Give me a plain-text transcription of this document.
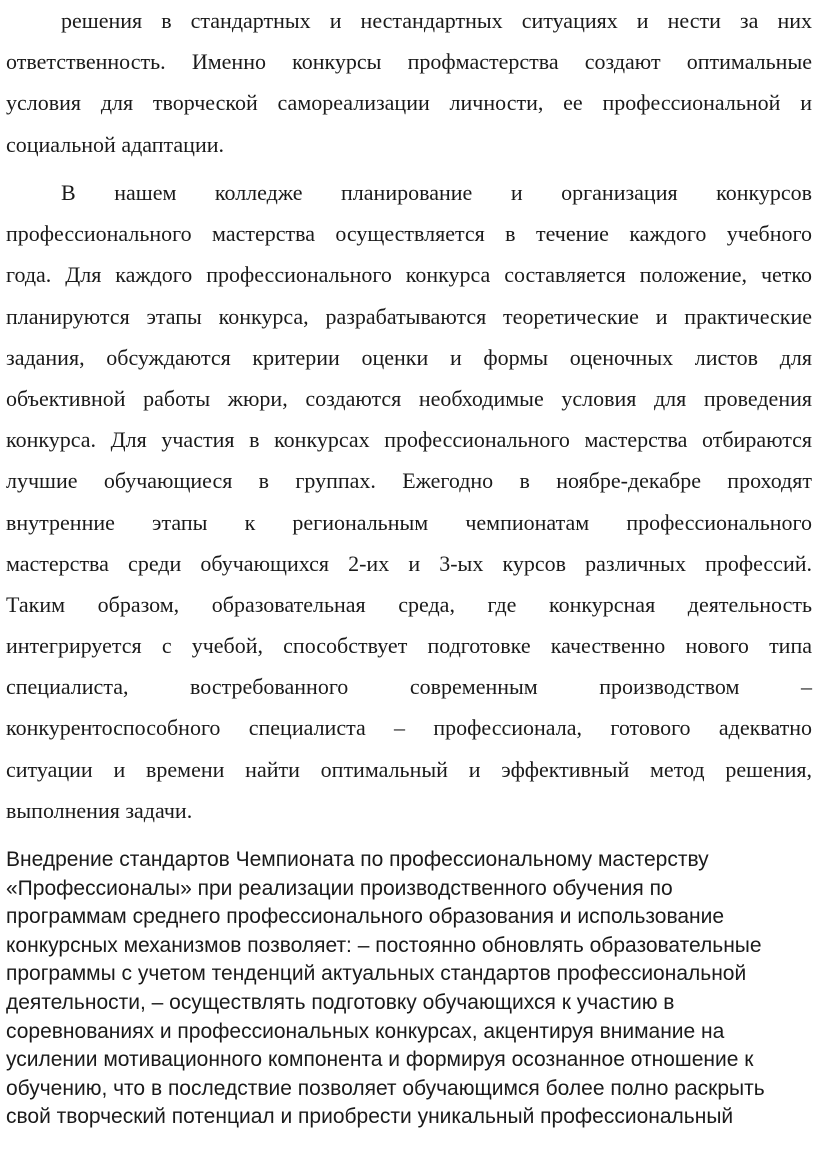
решения в стандартных и нестандартных ситуациях и нести за них
ответственность. Именно конкурсы профмастерства создают оптимальные
условия для творческой самореализации личности, ее профессиональной и
социальной адаптации.
В нашем колледже планирование и организация конкурсов
профессионального мастерства осуществляется в течение каждого учебного
года. Для каждого профессионального конкурса составляется положение, четко
планируются этапы конкурса, разрабатываются теоретические и практические
задания, обсуждаются критерии оценки и формы оценочных листов для
объективной работы жюри, создаются необходимые условия для проведения
конкурса. Для участия в конкурсах профессионального мастерства отбираются
лучшие обучающиеся в группах. Ежегодно в ноябре-декабре проходят
внутренние этапы к региональным чемпионатам профессионального
мастерства среди обучающихся 2-их и 3-ых курсов различных профессий.
Таким образом, образовательная среда, где конкурсная деятельность
интегрируется с учебой, способствует подготовке качественно нового типа
специалиста, востребованного современным производством –
конкурентоспособного специалиста – профессионала, готового адекватно
ситуации и времени найти оптимальный и эффективный метод решения,
выполнения задачи.
Внедрение стандартов Чемпионата по профессиональному мастерству
«Профессионалы» при реализации производственного обучения по
программам среднего профессионального образования и использование
конкурсных механизмов позволяет: – постоянно обновлять образовательные
программы с учетом тенденций актуальных стандартов профессиональной
деятельности, – осуществлять подготовку обучающихся к участию в
соревнованиях и профессиональных конкурсах, акцентируя внимание на
усилении мотивационного компонента и формируя осознанное отношение к
обучению, что в последствие позволяет обучающимся более полно раскрыть
свой творческий потенциал и приобрести уникальный профессиональный
